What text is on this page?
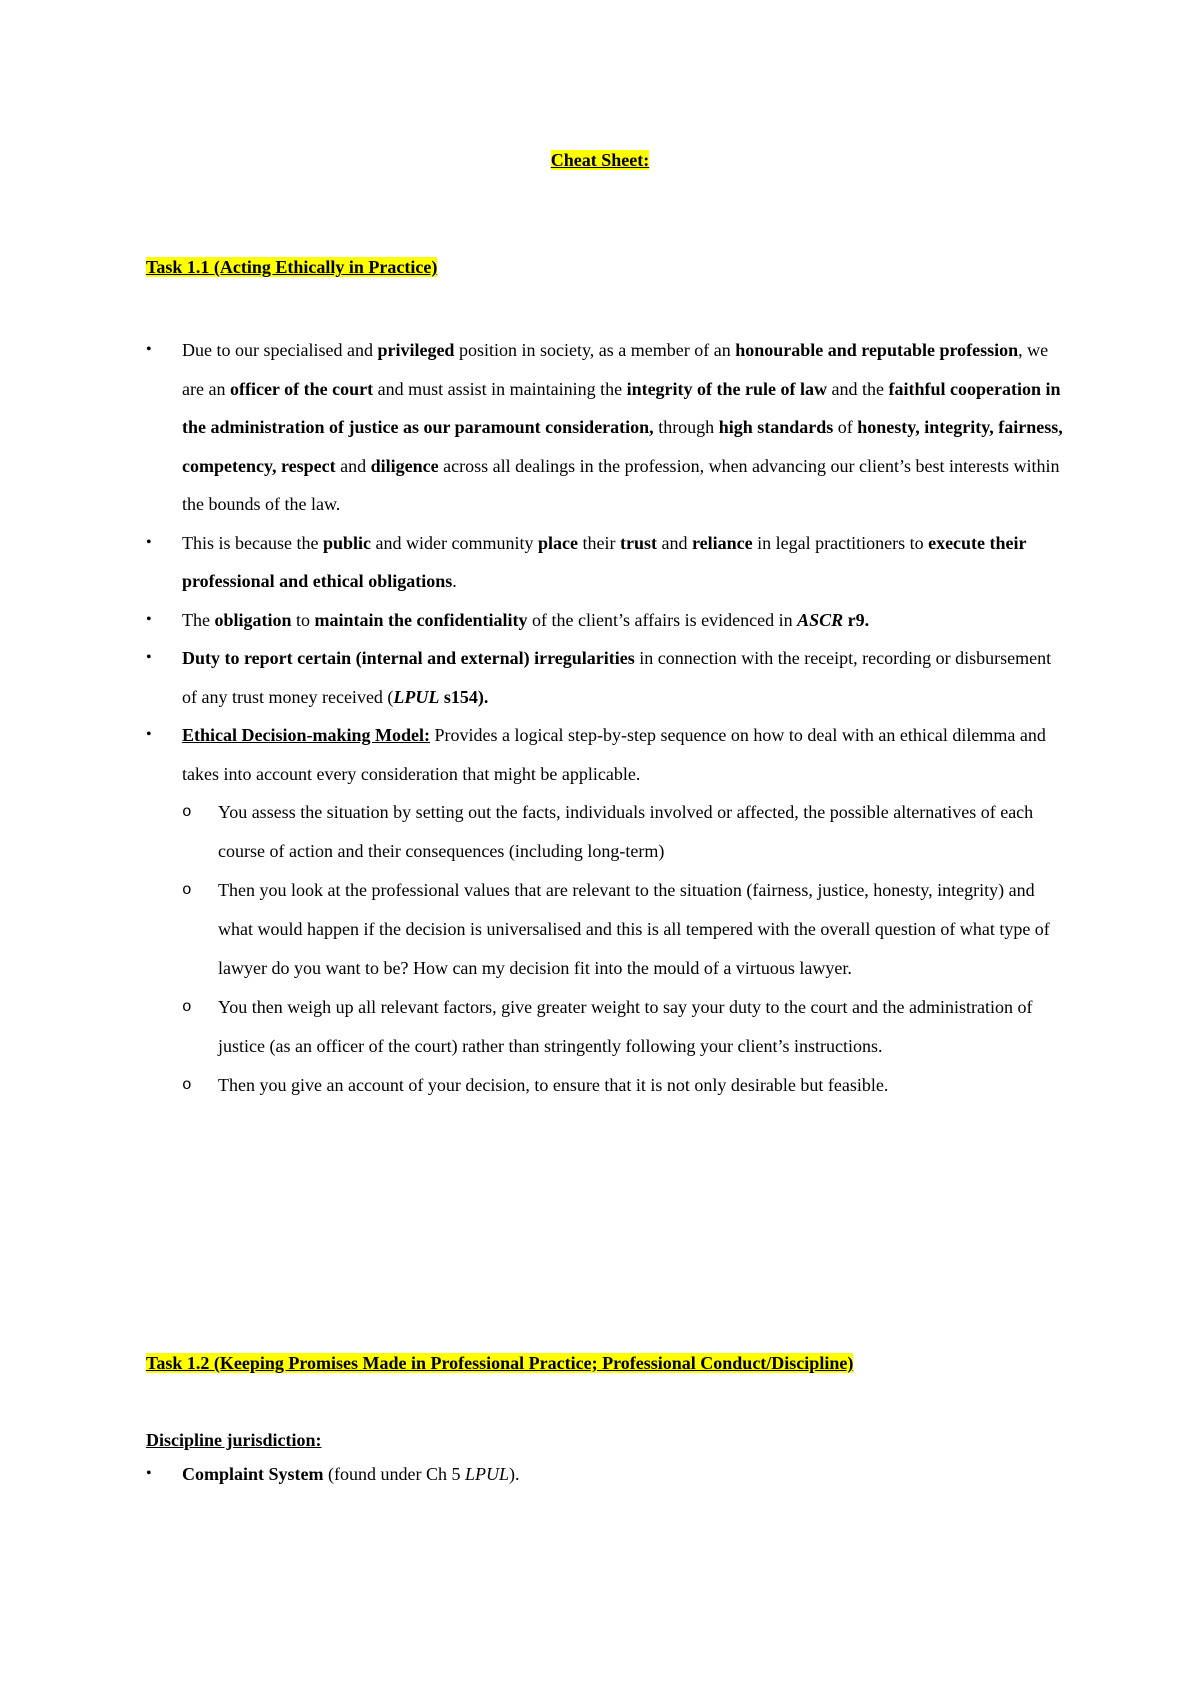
Cheat Sheet:
Task 1.1 (Acting Ethically in Practice)
•	Due to our specialised and privileged position in society, as a member of an honourable and reputable profession, we are an officer of the court and must assist in maintaining the integrity of the rule of law and the faithful cooperation in the administration of justice as our paramount consideration, through high standards of honesty, integrity, fairness, competency, respect and diligence across all dealings in the profession, when advancing our client’s best interests within the bounds of the law.
•	This is because the public and wider community place their trust and reliance in legal practitioners to execute their professional and ethical obligations.
•	The obligation to maintain the confidentiality of the client’s affairs is evidenced in ASCR r9.
•	Duty to report certain (internal and external) irregularities in connection with the receipt, recording or disbursement of any trust money received (LPUL s154).
•	Ethical Decision-making Model: Provides a logical step-by-step sequence on how to deal with an ethical dilemma and takes into account every consideration that might be applicable.
o	You assess the situation by setting out the facts, individuals involved or affected, the possible alternatives of each course of action and their consequences (including long-term)
o	Then you look at the professional values that are relevant to the situation (fairness, justice, honesty, integrity) and what would happen if the decision is universalised and this is all tempered with the overall question of what type of lawyer do you want to be? How can my decision fit into the mould of a virtuous lawyer.
o	You then weigh up all relevant factors, give greater weight to say your duty to the court and the administration of justice (as an officer of the court) rather than stringently following your client’s instructions.
o	Then you give an account of your decision, to ensure that it is not only desirable but feasible.
Task 1.2 (Keeping Promises Made in Professional Practice; Professional Conduct/Discipline)
Discipline jurisdiction:
•	Complaint System (found under Ch 5 LPUL).
